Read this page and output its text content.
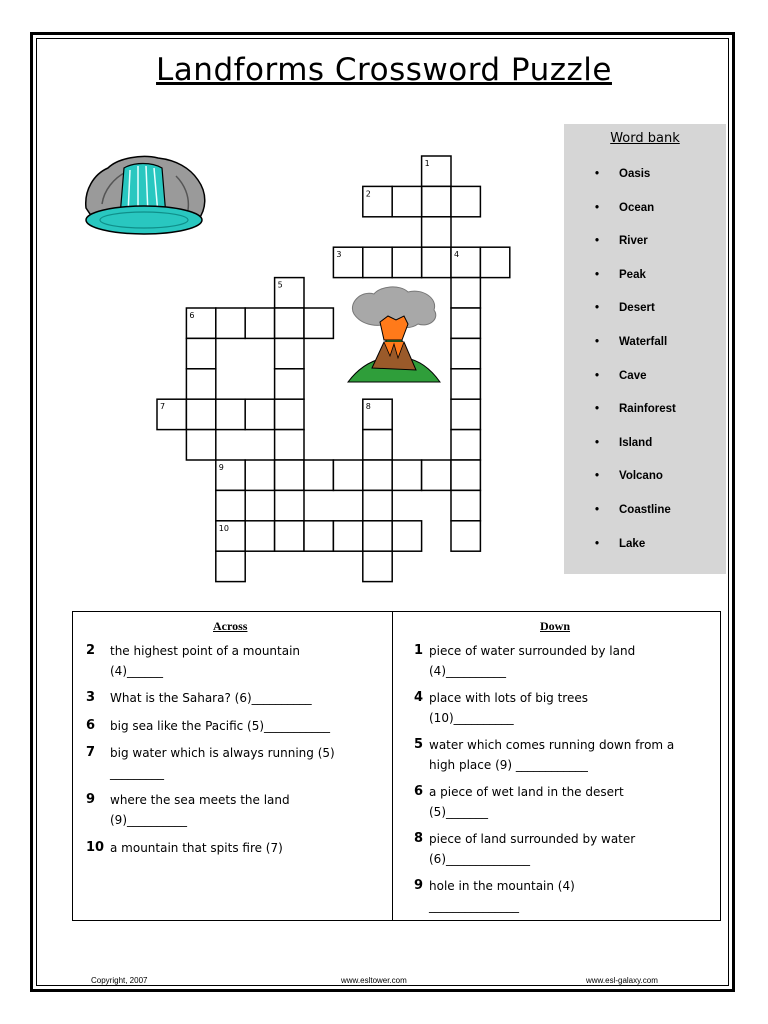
Landforms Crossword Puzzle
1
2
3	4
5
6
7	8
9
10
Word bank
• Oasis
• Ocean
• River
• Peak
• Desert
• Waterfall
• Cave
• Rainforest
• Island
• Volcano
• Coastline
• Lake
Across	Down
2 the highest point of a mountain
(4)______
3 What is the Sahara? (6)__________
6 big sea like the Pacific (5)___________
7 big water which is always running (5)
_________
9 where the sea meets the land
(9)__________
10 a mountain that spits fire (7)
1 piece of water surrounded by land
(4)__________
4 place with lots of big trees
(10)__________
5 water which comes running down from a
high place (9) ____________
6 a piece of wet land in the desert
(5)_______
8 piece of land surrounded by water
(6)______________
9 hole in the mountain (4)
_______________
Copyright, 2007	www.esltower.com	www.esl-galaxy.com
